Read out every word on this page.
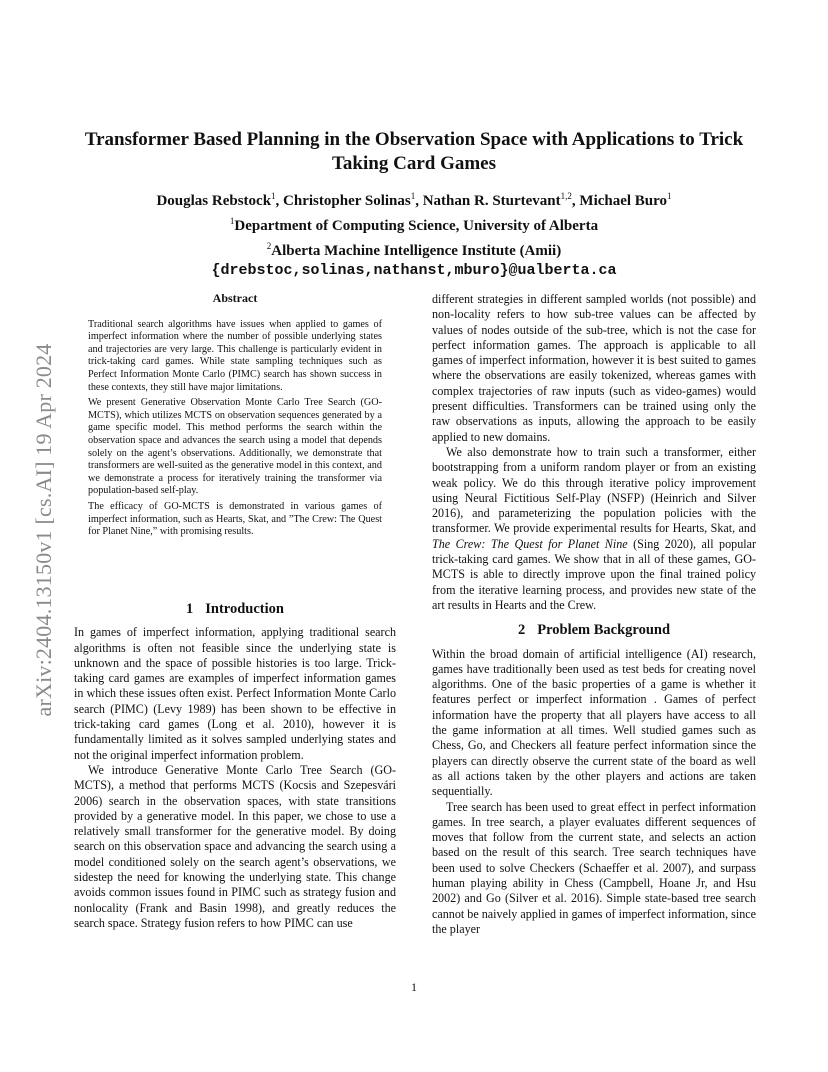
arXiv:2404.13150v1 [cs.AI] 19 Apr 2024
Transformer Based Planning in the Observation Space with Applications to Trick Taking Card Games
Douglas Rebstock$^1$, Christopher Solinas$^1$, Nathan R. Sturtevant$^{1,2}$, Michael Buro$^1$
$^1$Department of Computing Science, University of Alberta
$^2$Alberta Machine Intelligence Institute (Amii)
{drebstoc,solinas,nathanst,mburo}@ualberta.ca
Abstract

Traditional search algorithms have issues when applied to games of imperfect information where the number of possible underlying states and trajectories are very large. This challenge is particularly evident in trick-taking card games. While state sampling techniques such as Perfect Information Monte Carlo (PIMC) search has shown success in these contexts, they still have major limitations.

We present Generative Observation Monte Carlo Tree Search (GO-MCTS), which utilizes MCTS on observation sequences generated by a game specific model. This method performs the search within the observation space and advances the search using a model that depends solely on the agent’s observations. Additionally, we demonstrate that transformers are well-suited as the generative model in this context, and we demonstrate a process for iteratively training the transformer via population-based self-play.

The efficacy of GO-MCTS is demonstrated in various games of imperfect information, such as Hearts, Skat, and ”The Crew: The Quest for Planet Nine,” with promising results.

1 Introduction

In games of imperfect information, applying traditional search algorithms is often not feasible since the underlying state is unknown and the space of possible histories is too large. Trick-taking card games are examples of imperfect information games in which these issues often exist. Perfect Information Monte Carlo search (PIMC) (Levy 1989) has been shown to be effective in trick-taking card games (Long et al. 2010), however it is fundamentally limited as it solves sampled underlying states and not the original imperfect information problem.

We introduce Generative Monte Carlo Tree Search (GO-MCTS), a method that performs MCTS (Kocsis and Szepesvári 2006) search in the observation spaces, with state transitions provided by a generative model. In this paper, we chose to use a relatively small transformer for the generative model. By doing search on this observation space and advancing the search using a model conditioned solely on the search agent’s observations, we sidestep the need for knowing the underlying state. This change avoids common issues found in PIMC such as strategy fusion and nonlocality (Frank and Basin 1998), and greatly reduces the search space. Strategy fusion refers to how PIMC can use

different strategies in different sampled worlds (not possible) and non-locality refers to how sub-tree values can be affected by values of nodes outside of the sub-tree, which is not the case for perfect information games. The approach is applicable to all games of imperfect information, however it is best suited to games where the observations are easily tokenized, whereas games with complex trajectories of raw inputs (such as video-games) would present difficulties. Transformers can be trained using only the raw observations as inputs, allowing the approach to be easily applied to new domains.

We also demonstrate how to train such a transformer, either bootstrapping from a uniform random player or from an existing weak policy. We do this through iterative policy improvement using Neural Fictitious Self-Play (NSFP) (Heinrich and Silver 2016), and parameterizing the population policies with the transformer. We provide experimental results for Hearts, Skat, and The Crew: The Quest for Planet Nine (Sing 2020), all popular trick-taking card games. We show that in all of these games, GO-MCTS is able to directly improve upon the final trained policy from the iterative learning process, and provides new state of the art results in Hearts and the Crew.

2 Problem Background

Within the broad domain of artificial intelligence (AI) research, games have traditionally been used as test beds for creating novel algorithms. One of the basic properties of a game is whether it features perfect or imperfect information . Games of perfect information have the property that all players have access to all the game information at all times. Well studied games such as Chess, Go, and Checkers all feature perfect information since the players can directly observe the current state of the board as well as all actions taken by the other players and actions are taken sequentially.

Tree search has been used to great effect in perfect information games. In tree search, a player evaluates different sequences of moves that follow from the current state, and selects an action based on the result of this search. Tree search techniques have been used to solve Checkers (Schaeffer et al. 2007), and surpass human playing ability in Chess (Campbell, Hoane Jr, and Hsu 2002) and Go (Silver et al. 2016). Simple state-based tree search cannot be naively applied in games of imperfect information, since the player

1
